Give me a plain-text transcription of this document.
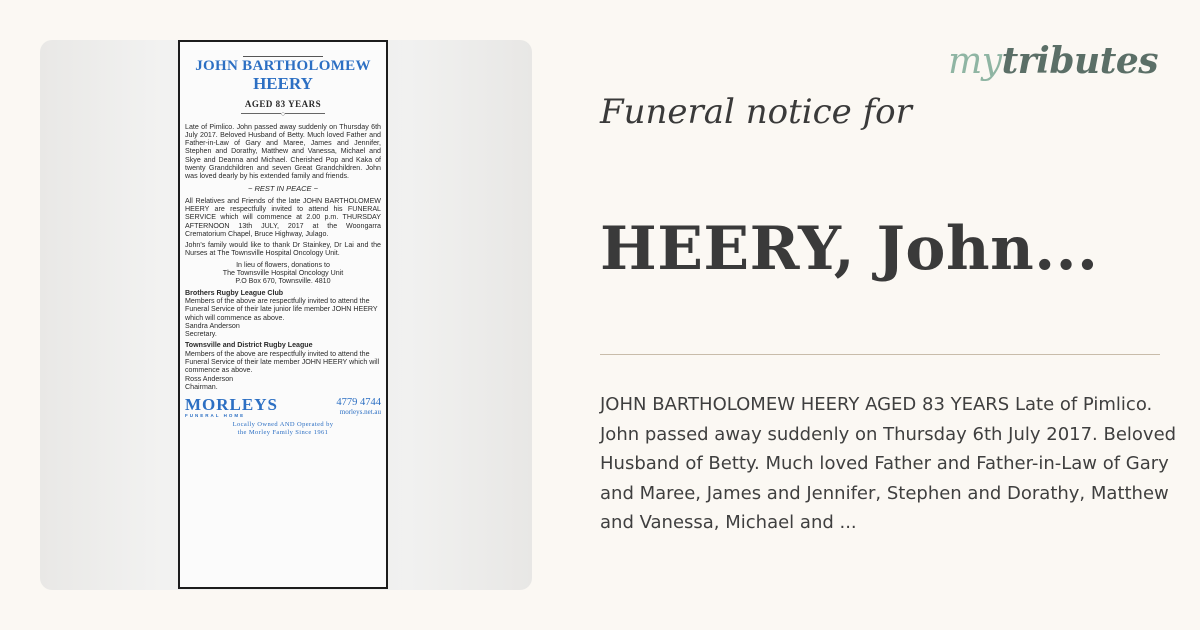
JOHN BARTHOLOMEW
HEERY
AGED 83 YEARS
○

Late of Pimlico. John passed away suddenly on Thursday 6th July 2017. Beloved Husband of Betty. Much loved Father and Father-in-Law of Gary and Maree, James and Jennifer, Stephen and Dorathy, Matthew and Vanessa, Michael and Skye and Deanna and Michael. Cherished Pop and Kaka of twenty Grandchildren and seven Great Grandchildren. John was loved dearly by his extended family and friends.

~ REST IN PEACE ~

All Relatives and Friends of the late JOHN BARTHOLOMEW HEERY are respectfully invited to attend his FUNERAL SERVICE which will commence at 2.00 p.m. THURSDAY AFTERNOON 13th JULY, 2017 at the Woongarra Crematorium Chapel, Bruce Highway, Julago.

John's family would like to thank Dr Stainkey, Dr Lai and the Nurses at The Townsville Hospital Oncology Unit.

In lieu of flowers, donations to

The Townsville Hospital Oncology Unit

P.O Box 670, Townsville. 4810

Brothers Rugby League Club

Members of the above are respectfully invited to attend the Funeral Service of their late junior life member JOHN HEERY which will commence as above.

Sandra Anderson

Secretary.

Townsville and District Rugby League

Members of the above are respectfully invited to attend the Funeral Service of their late member JOHN HEERY which will commence as above.

Ross Anderson

Chairman.

MORLEYS
FUNERAL HOME
4779 4744
morleys.net.au
Locally Owned AND Operated by
the Morley Family Since 1961
mytributes
Funeral notice for
HEERY, John...
JOHN BARTHOLOMEW HEERY AGED 83 YEARS Late of Pimlico. John passed away suddenly on Thursday 6th July 2017. Beloved Husband of Betty. Much loved Father and Father-in-Law of Gary and Maree, James and Jennifer, Stephen and Dorathy, Matthew and Vanessa, Michael and ...
